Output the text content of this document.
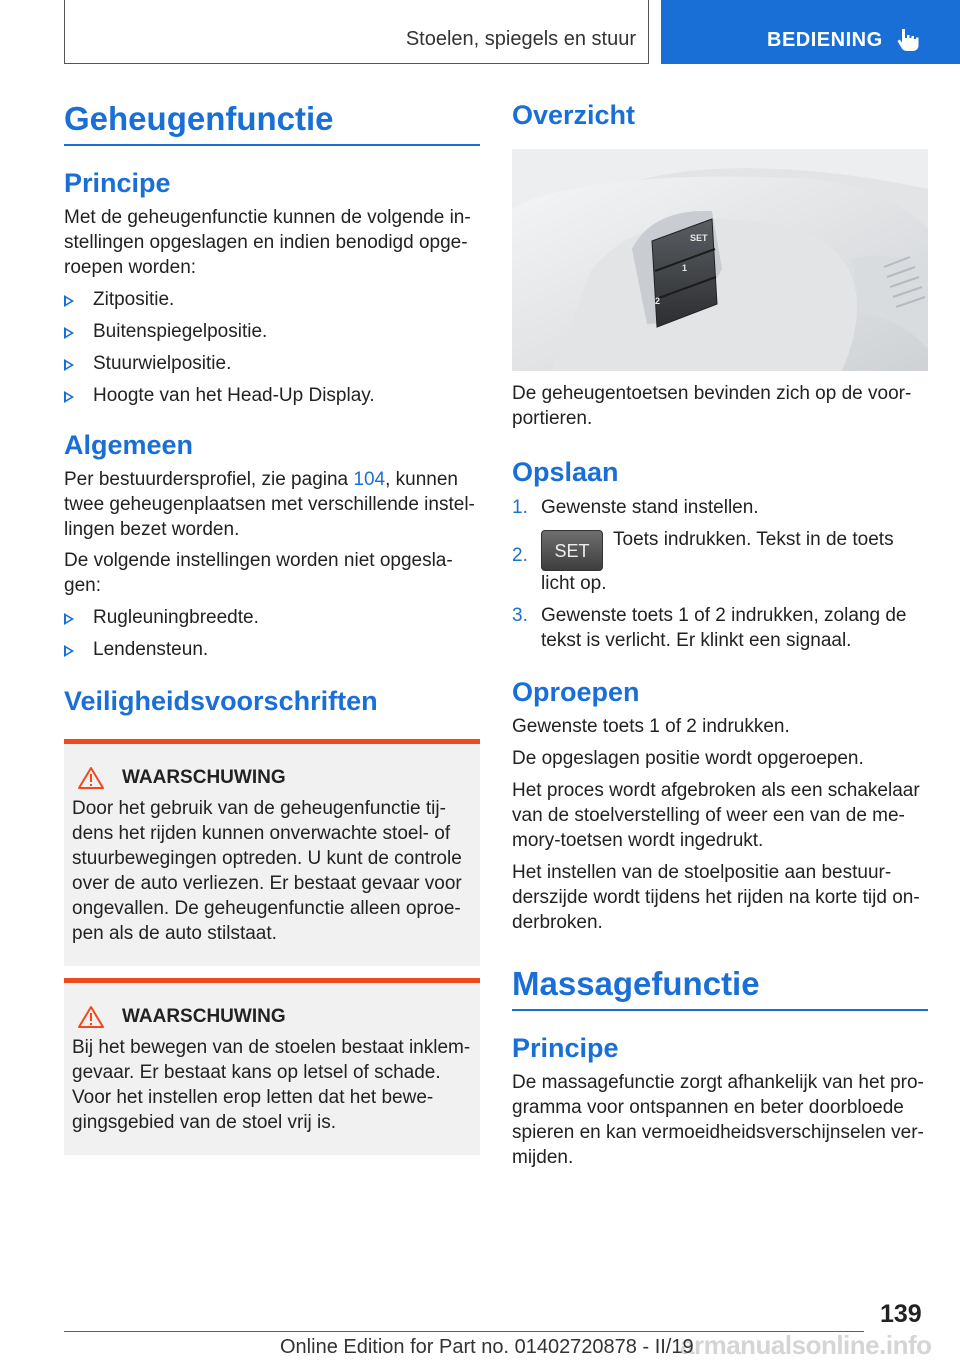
Stoelen, spiegels en stuur	BEDIENING
Geheugenfunctie
Principe

Met de geheugenfunctie kunnen de volgende in-stellingen opgeslagen en indien benodigd opge-roepen worden:

Zitpositie.
Buitenspiegelpositie.
Stuurwielpositie.
Hoogte van het Head-Up Display.
Algemeen

Per bestuurdersprofiel, zie pagina 104, kunnen twee geheugenplaatsen met verschillende instel-lingen bezet worden.

De volgende instellingen worden niet opgesla-gen:

Rugleuningbreedte.
Lendensteun.
Veiligheidsvoorschriften
WAARSCHUWING

Door het gebruik van de geheugenfunctie tij-dens het rijden kunnen onverwachte stoel- of stuurbewegingen optreden. U kunt de controle over de auto verliezen. Er bestaat gevaar voor ongevallen. De geheugenfunctie alleen oproe-pen als de auto stilstaat.

WAARSCHUWING

Bij het bewegen van de stoelen bestaat inklem-gevaar. Er bestaat kans op letsel of schade. Voor het instellen erop letten dat het bewe-gingsgebied van de stoel vrij is.

Overzicht
SET
1
2

De geheugentoetsen bevinden zich op de voor-portieren.

Opslaan
1. Gewenste stand instellen.
2. SETToets indrukken. Tekst in de toets licht op.
3. Gewenste toets 1 of 2 indrukken, zolang de tekst is verlicht. Er klinkt een signaal.
Oproepen

Gewenste toets 1 of 2 indrukken.

De opgeslagen positie wordt opgeroepen.

Het proces wordt afgebroken als een schakelaar van de stoelverstelling of weer een van de me-mory-toetsen wordt ingedrukt.

Het instellen van de stoelpositie aan bestuur-derszijde wordt tijdens het rijden na korte tijd on-derbroken.

Massagefunctie
Principe

De massagefunctie zorgt afhankelijk van het pro-gramma voor ontspannen en beter doorbloede spieren en kan vermoeidheidsverschijnselen ver-mijden.

139
armanualsonline.info
Online Edition for Part no. 01402720878 - II/19
